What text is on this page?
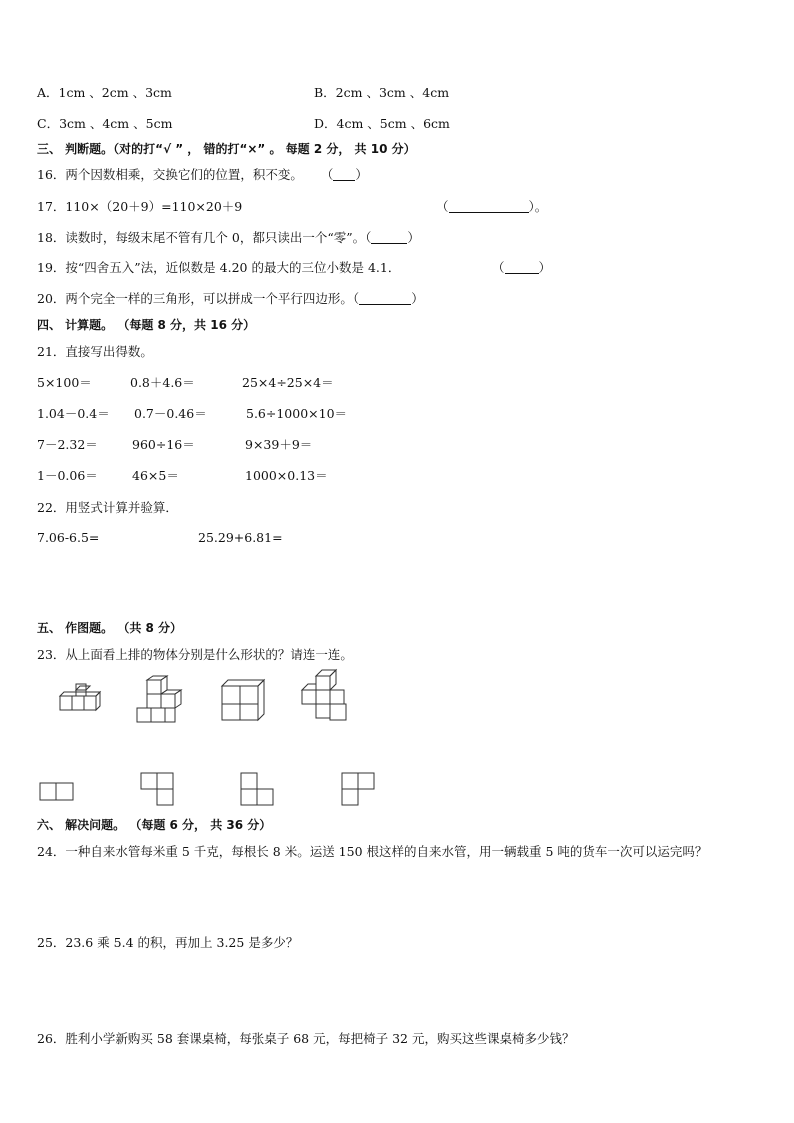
A．1cm 、2cm 、3cm	B．2cm 、3cm 、4cm
C．3cm 、4cm 、5cm	D．4cm 、5cm 、6cm
三、 判断题。（对的打“√ ” ， 错的打“×” 。 每题 2 分， 共 10 分）
16．两个因数相乘，交换它们的位置，积不变。 （ ）
17．110×（20＋9）=110×20＋9	（	）。
18．读数时，每级末尾不管有几个 0，都只读出一个“零”。（	）
19．按“四舍五入”法，近似数是 4.20 的最大的三位小数是 4.1．	（	）
20．两个完全一样的三角形，可以拼成一个平行四边形。（	）
四、 计算题。 （每题 8 分，共 16 分）
21．直接写出得数。
5×100＝	0.8＋4.6＝	25×4÷25×4＝
1.04－0.4＝ 0.7－0.46＝	5.6÷1000×10＝
7－2.32＝	960÷16＝	9×39＋9＝
1－0.06＝	46×5＝	1000×0.13＝
22．用竖式计算并验算．
7.06-6.5=	25.29+6.81=
五、 作图题。 （共 8 分）
23．从上面看上排的物体分别是什么形状的？请连一连。
六、 解决问题。 （每题 6 分， 共 36 分）
24．一种自来水管每米重 5 千克，每根长 8 米。运送 150 根这样的自来水管，用一辆载重 5 吨的货车一次可以运完吗？
25．23.6 乘 5.4 的积，再加上 3.25 是多少？
26．胜利小学新购买 58 套课桌椅，每张桌子 68 元，每把椅子 32 元，购买这些课桌椅多少钱？
